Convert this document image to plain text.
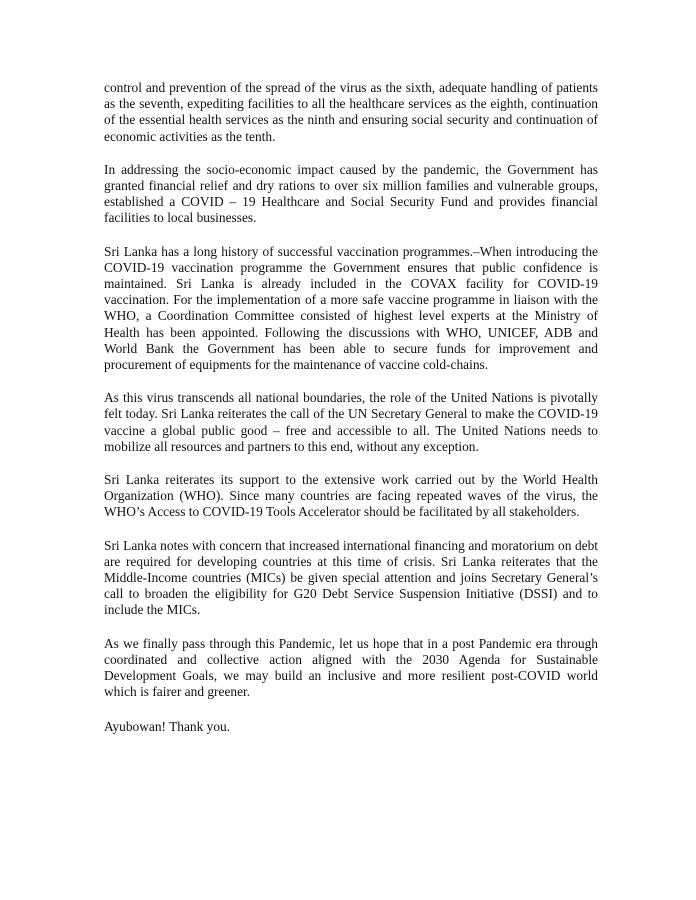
control and prevention of the spread of the virus as the sixth, adequate handling of patients as the seventh, expediting facilities to all the healthcare services as the eighth, continuation of the essential health services as the ninth and ensuring social security and continuation of economic activities as the tenth.

In addressing the socio-economic impact caused by the pandemic, the Government has granted financial relief and dry rations to over six million families and vulnerable groups, established a COVID – 19 Healthcare and Social Security Fund and provides financial facilities to local businesses.

Sri Lanka has a long history of successful vaccination programmes.–When introducing the COVID-19 vaccination programme the Government ensures that public confidence is maintained. Sri Lanka is already included in the COVAX facility for COVID-19 vaccination. For the implementation of a more safe vaccine programme in liaison with the WHO, a Coordination Committee consisted of highest level experts at the Ministry of Health has been appointed. Following the discussions with WHO, UNICEF, ADB and World Bank the Government has been able to secure funds for improvement and procurement of equipments for the maintenance of vaccine cold-chains.

As this virus transcends all national boundaries, the role of the United Nations is pivotally felt today. Sri Lanka reiterates the call of the UN Secretary General to make the COVID-19 vaccine a global public good – free and accessible to all. The United Nations needs to mobilize all resources and partners to this end, without any exception.

Sri Lanka reiterates its support to the extensive work carried out by the World Health Organization (WHO). Since many countries are facing repeated waves of the virus, the WHO’s Access to COVID-19 Tools Accelerator should be facilitated by all stakeholders.

Sri Lanka notes with concern that increased international financing and moratorium on debt are required for developing countries at this time of crisis. Sri Lanka reiterates that the Middle-Income countries (MICs) be given special attention and joins Secretary General’s call to broaden the eligibility for G20 Debt Service Suspension Initiative (DSSI) and to include the MICs.

As we finally pass through this Pandemic, let us hope that in a post Pandemic era through coordinated and collective action aligned with the 2030 Agenda for Sustainable Development Goals, we may build an inclusive and more resilient post-COVID world which is fairer and greener.

Ayubowan! Thank you.
